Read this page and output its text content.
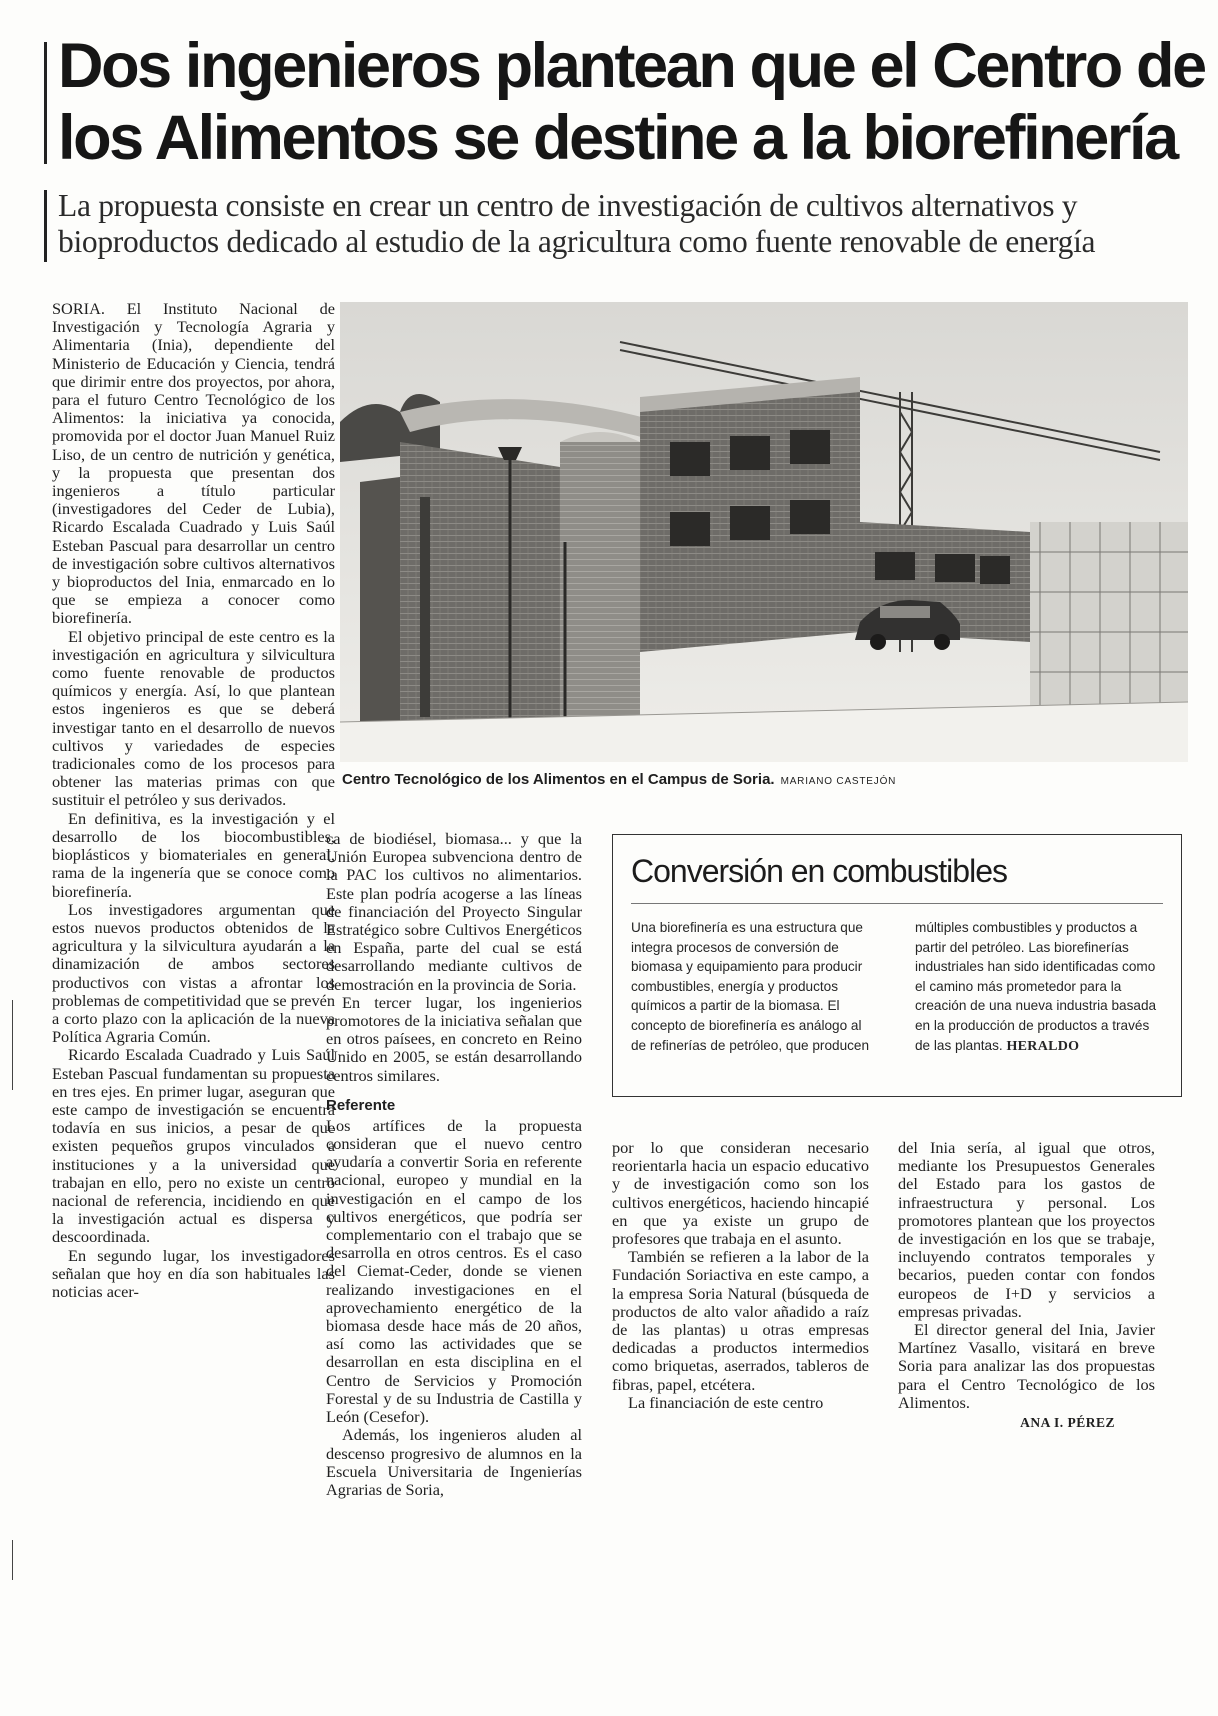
Dos ingenieros plantean que el Centro de
los Alimentos se destine a la biorefinería

La propuesta consiste en crear un centro de investigación de cultivos alternativos y bioproductos dedicado al estudio de la agricultura como fuente renovable de energía

SORIA. El Instituto Nacional de Investigación y Tecnología Agraria y Alimentaria (Inia), dependiente del Ministerio de Educación y Ciencia, tendrá que dirimir entre dos proyectos, por ahora, para el futuro Centro Tecnológico de los Alimentos: la iniciativa ya conocida, promovida por el doctor Juan Manuel Ruiz Liso, de un centro de nutrición y genética, y la propuesta que presentan dos ingenieros a título particular (investigadores del Ceder de Lubia), Ricardo Escalada Cuadrado y Luis Saúl Esteban Pascual para desarrollar un centro de investigación sobre cultivos alternativos y bioproductos del Inia, enmarcado en lo que se empieza a conocer como biorefinería.

El objetivo principal de este centro es la investigación en agricultura y silvicultura como fuente renovable de productos químicos y energía. Así, lo que plantean estos ingenieros es que se deberá investigar tanto en el desarrollo de nuevos cultivos y variedades de especies tradicionales como de los procesos para obtener las materias primas con que sustituir el petróleo y sus derivados.

En definitiva, es la investigación y el desarrollo de los biocombustibles, bioplásticos y biomateriales en general, rama de la ingenería que se conoce como biorefinería.

Los investigadores argumentan que estos nuevos productos obtenidos de la agricultura y la silvicultura ayudarán a la dinamización de ambos sectores productivos con vistas a afrontar los problemas de competitividad que se prevén a corto plazo con la aplicación de la nueva Política Agraria Común.

Ricardo Escalada Cuadrado y Luis Saúl Esteban Pascual fundamentan su propuesta en tres ejes. En primer lugar, aseguran que este campo de investigación se encuentra todavía en sus inicios, a pesar de que existen pequeños grupos vinculados a instituciones y a la universidad que trabajan en ello, pero no existe un centro nacional de referencia, incidiendo en que la investigación actual es dispersa y descoordinada.

En segundo lugar, los investigadores señalan que hoy en día son habituales las noticias acer-

Centro Tecnológico de los Alimentos en el Campus de Soria. MARIANO CASTEJÓN

ca de biodiésel, biomasa... y que la Unión Europea subvenciona dentro de la PAC los cultivos no alimentarios. Este plan podría acogerse a las líneas de financiación del Proyecto Singular Estratégico sobre Cultivos Energéticos en España, parte del cual se está desarrollando mediante cultivos de demostración en la provincia de Soria.

En tercer lugar, los ingenierios promotores de la iniciativa señalan que en otros paísees, en concreto en Reino Unido en 2005, se están desarrollando centros similares.

Referente

Los artífices de la propuesta consideran que el nuevo centro ayudaría a convertir Soria en referente nacional, europeo y mundial en la investigación en el campo de los cultivos energéticos, que podría ser complementario con el trabajo que se desarrolla en otros centros. Es el caso del Ciemat-Ceder, donde se vienen realizando investigaciones en el aprovechamiento energético de la biomasa desde hace más de 20 años, así como las actividades que se desarrollan en esta disciplina en el Centro de Servicios y Promoción Forestal y de su Industria de Castilla y León (Cesefor).

Además, los ingenieros aluden al descenso progresivo de alumnos en la Escuela Universitaria de Ingenierías Agrarias de Soria,

Conversión en combustibles

Una biorefinería es una estructura que integra procesos de conversión de biomasa y equipamiento para producir combustibles, energía y productos químicos a partir de la biomasa. El concepto de biorefinería es análogo al de refinerías de petróleo, que producen múltiples combustibles y productos a partir del petróleo. Las biorefinerías industriales han sido identificadas como el camino más prometedor para la creación de una nueva industria basada en la producción de productos a través de las plantas. HERALDO

por lo que consideran necesario reorientarla hacia un espacio educativo y de investigación como son los cultivos energéticos, haciendo hincapié en que ya existe un grupo de profesores que trabaja en el asunto.

También se refieren a la labor de la Fundación Soriactiva en este campo, a la empresa Soria Natural (búsqueda de productos de alto valor añadido a raíz de las plantas) u otras empresas dedicadas a productos intermedios como briquetas, aserrados, tableros de fibras, papel, etcétera.

La financiación de este centro

del Inia sería, al igual que otros, mediante los Presupuestos Generales del Estado para los gastos de infraestructura y personal. Los promotores plantean que los proyectos de investigación en los que se trabaje, incluyendo contratos temporales y becarios, pueden contar con fondos europeos de I+D y servicios a empresas privadas.

El director general del Inia, Javier Martínez Vasallo, visitará en breve Soria para analizar las dos propuestas para el Centro Tecnológico de los Alimentos.

ANA I. PÉREZ
